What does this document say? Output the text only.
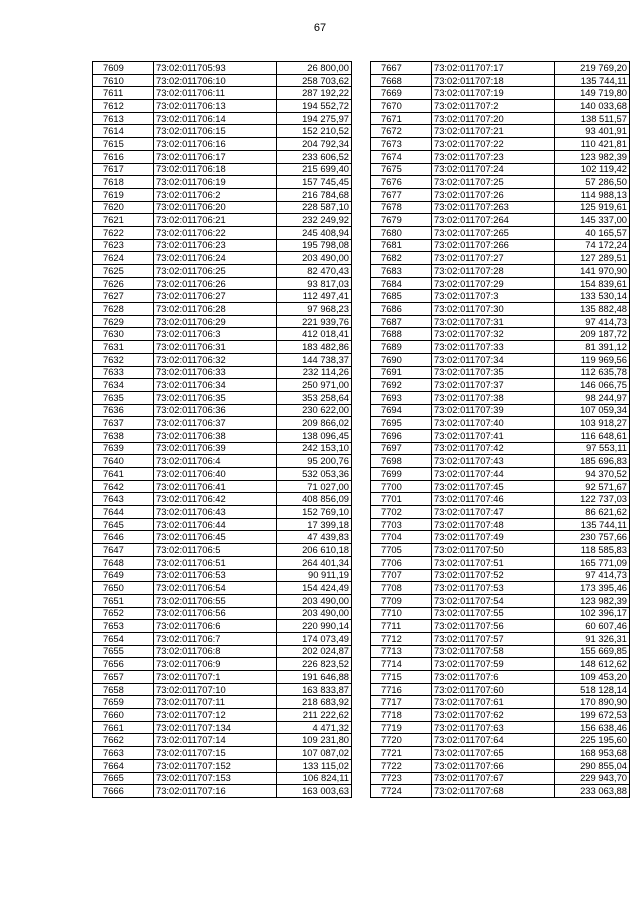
67
7609	73:02:011705:93	26 800,00
7610	73:02:011706:10	258 703,62
7611	73:02:011706:11	287 192,22
7612	73:02:011706:13	194 552,72
7613	73:02:011706:14	194 275,97
7614	73:02:011706:15	152 210,52
7615	73:02:011706:16	204 792,34
7616	73:02:011706:17	233 606,52
7617	73:02:011706:18	215 699,40
7618	73:02:011706:19	157 745,45
7619	73:02:011706:2	216 784,68
7620	73:02:011706:20	228 587,10
7621	73:02:011706:21	232 249,92
7622	73:02:011706:22	245 408,94
7623	73:02:011706:23	195 798,08
7624	73:02:011706:24	203 490,00
7625	73:02:011706:25	82 470,43
7626	73:02:011706:26	93 817,03
7627	73:02:011706:27	112 497,41
7628	73:02:011706:28	97 968,23
7629	73:02:011706:29	221 939,76
7630	73:02:011706:3	412 018,41
7631	73:02:011706:31	183 482,86
7632	73:02:011706:32	144 738,37
7633	73:02:011706:33	232 114,26
7634	73:02:011706:34	250 971,00
7635	73:02:011706:35	353 258,64
7636	73:02:011706:36	230 622,00
7637	73:02:011706:37	209 866,02
7638	73:02:011706:38	138 096,45
7639	73:02:011706:39	242 153,10
7640	73:02:011706:4	95 200,76
7641	73:02:011706:40	532 053,36
7642	73:02:011706:41	71 027,00
7643	73:02:011706:42	408 856,09
7644	73:02:011706:43	152 769,10
7645	73:02:011706:44	17 399,18
7646	73:02:011706:45	47 439,83
7647	73:02:011706:5	206 610,18
7648	73:02:011706:51	264 401,34
7649	73:02:011706:53	90 911,19
7650	73:02:011706:54	154 424,49
7651	73:02:011706:55	203 490,00
7652	73:02:011706:56	203 490,00
7653	73:02:011706:6	220 990,14
7654	73:02:011706:7	174 073,49
7655	73:02:011706:8	202 024,87
7656	73:02:011706:9	226 823,52
7657	73:02:011707:1	191 646,88
7658	73:02:011707:10	163 833,87
7659	73:02:011707:11	218 683,92
7660	73:02:011707:12	211 222,62
7661	73:02:011707:134	4 471,32
7662	73:02:011707:14	109 231,80
7663	73:02:011707:15	107 087,02
7664	73:02:011707:152	133 115,02
7665	73:02:011707:153	106 824,11
7666	73:02:011707:16	163 003,63
7667	73:02:011707:17	219 769,20
7668	73:02:011707:18	135 744,11
7669	73:02:011707:19	149 719,80
7670	73:02:011707:2	140 033,68
7671	73:02:011707:20	138 511,57
7672	73:02:011707:21	93 401,91
7673	73:02:011707:22	110 421,81
7674	73:02:011707:23	123 982,39
7675	73:02:011707:24	102 119,42
7676	73:02:011707:25	57 286,50
7677	73:02:011707:26	114 988,13
7678	73:02:011707:263	125 919,61
7679	73:02:011707:264	145 337,00
7680	73:02:011707:265	40 165,57
7681	73:02:011707:266	74 172,24
7682	73:02:011707:27	127 289,51
7683	73:02:011707:28	141 970,90
7684	73:02:011707:29	154 839,61
7685	73:02:011707:3	133 530,14
7686	73:02:011707:30	135 882,48
7687	73:02:011707:31	97 414,73
7688	73:02:011707:32	209 187,72
7689	73:02:011707:33	81 391,12
7690	73:02:011707:34	119 969,56
7691	73:02:011707:35	112 635,78
7692	73:02:011707:37	146 066,75
7693	73:02:011707:38	98 244,97
7694	73:02:011707:39	107 059,34
7695	73:02:011707:40	103 918,27
7696	73:02:011707:41	116 648,61
7697	73:02:011707:42	97 553,11
7698	73:02:011707:43	185 696,83
7699	73:02:011707:44	94 370,52
7700	73:02:011707:45	92 571,67
7701	73:02:011707:46	122 737,03
7702	73:02:011707:47	86 621,62
7703	73:02:011707:48	135 744,11
7704	73:02:011707:49	230 757,66
7705	73:02:011707:50	118 585,83
7706	73:02:011707:51	165 771,09
7707	73:02:011707:52	97 414,73
7708	73:02:011707:53	173 395,46
7709	73:02:011707:54	123 982,39
7710	73:02:011707:55	102 396,17
7711	73:02:011707:56	60 607,46
7712	73:02:011707:57	91 326,31
7713	73:02:011707:58	155 669,85
7714	73:02:011707:59	148 612,62
7715	73:02:011707:6	109 453,20
7716	73:02:011707:60	518 128,14
7717	73:02:011707:61	170 890,90
7718	73:02:011707:62	199 672,53
7719	73:02:011707:63	156 638,46
7720	73:02:011707:64	225 195,60
7721	73:02:011707:65	168 953,68
7722	73:02:011707:66	290 855,04
7723	73:02:011707:67	229 943,70
7724	73:02:011707:68	233 063,88
